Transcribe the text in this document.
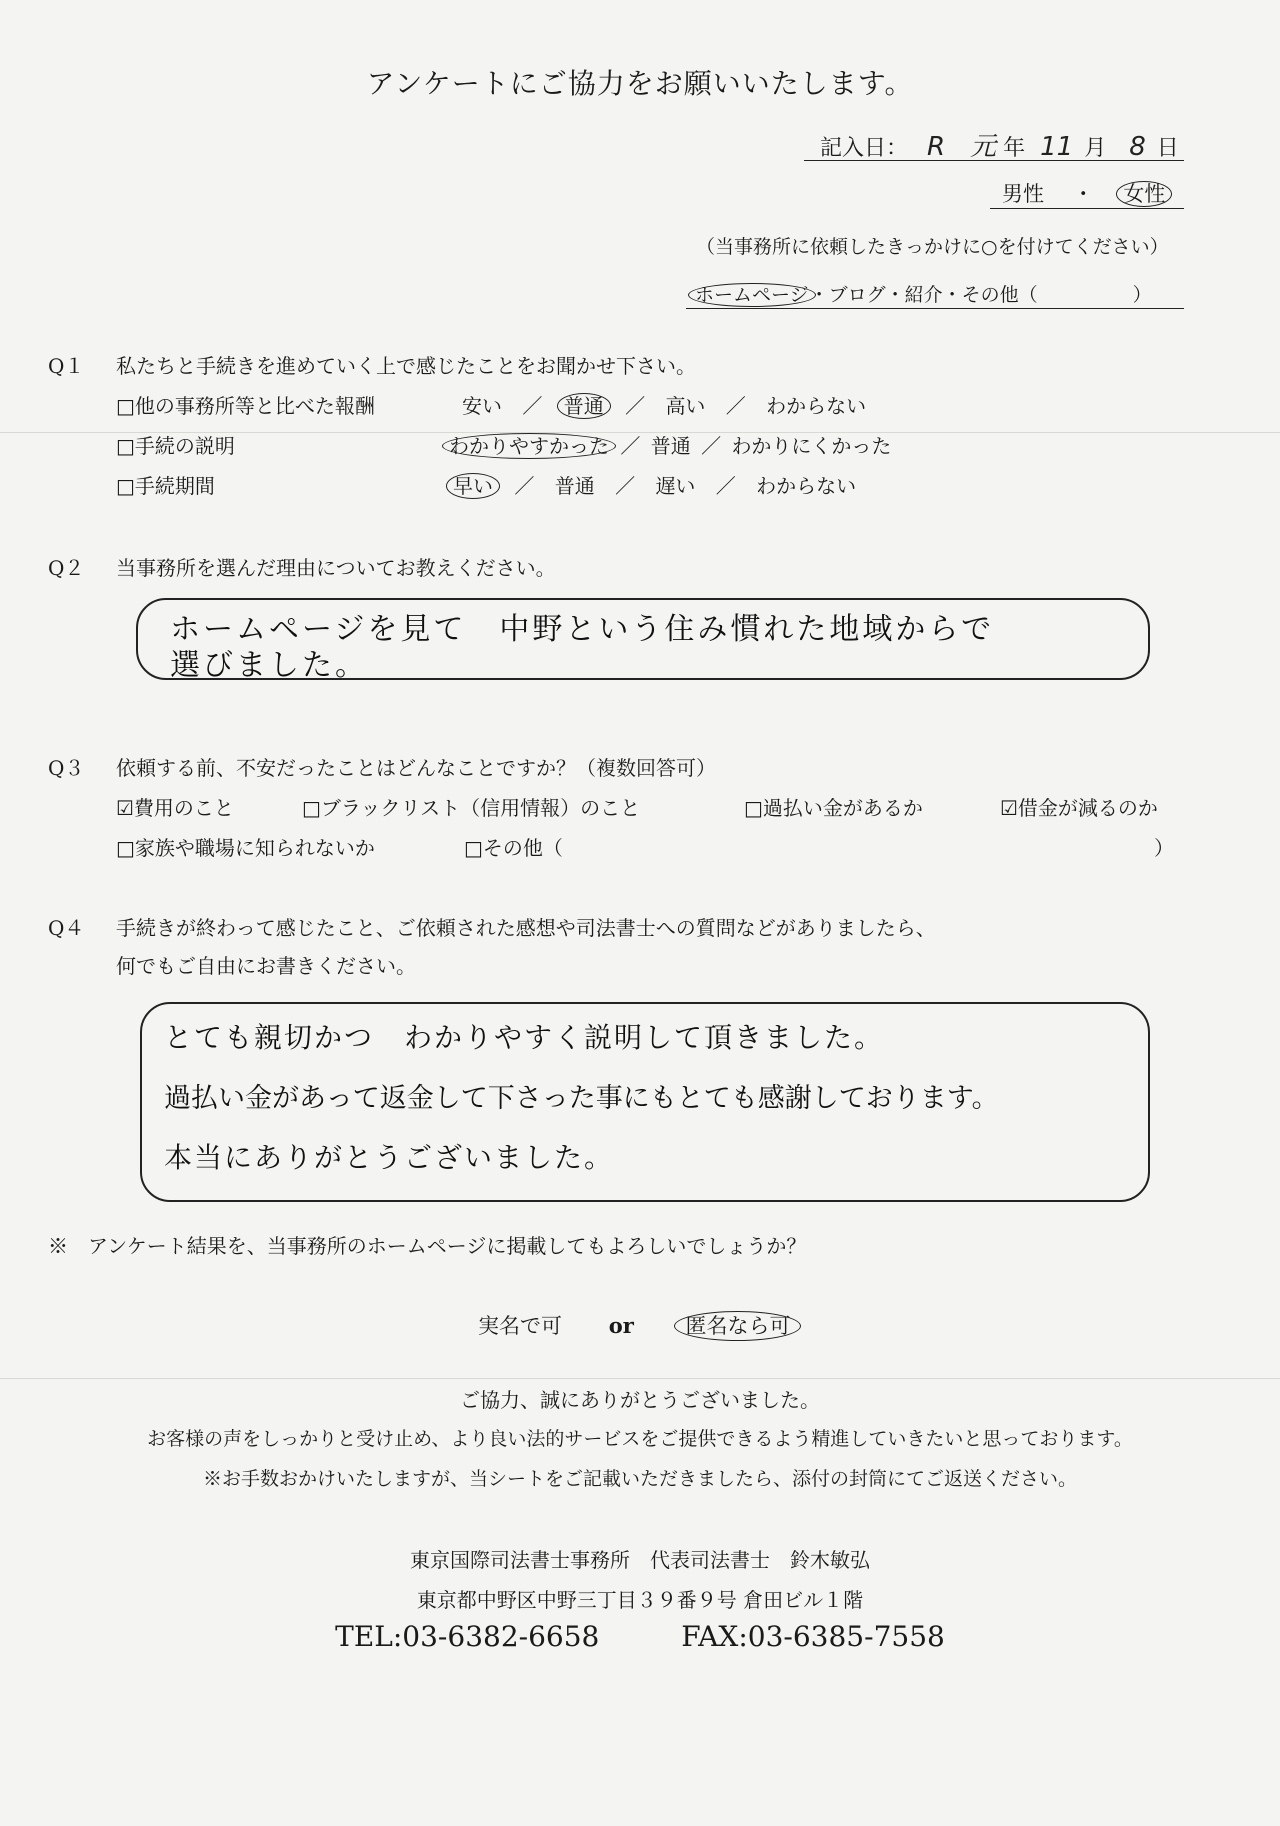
アンケートにご協力をお願いいたします。
記入日： R 元 年 11 月 8 日
男性 ・ 女性
（当事務所に依頼したきっかけに○を付けてください）
ホームページ・ブログ・紹介・その他（　　　　　）
Q１ 私たちと手続きを進めていく上で感じたことをお聞かせ下さい。
□他の事務所等と比べた報酬	安い ／ 普通 ／ 高い ／ わからない
□手続の説明	わかりやすかった ／ 普通 ／ わかりにくかった
□手続期間	早い ／ 普通 ／ 遅い ／ わからない
Q２ 当事務所を選んだ理由についてお教えください。
ホームページを見て　中野という住み慣れた地域からで
選びました。
Q３ 依頼する前、不安だったことはどんなことですか？（複数回答可）
☑費用のこと	□ブラックリスト（信用情報）のこと	□過払い金があるか	☑借金が減るのか
□家族や職場に知られないか	□その他（	）
Q４ 手続きが終わって感じたこと、ご依頼された感想や司法書士への質問などがありましたら、
何でもご自由にお書きください。
とても親切かつ　わかりやすく説明して頂きました。
過払い金があって返金して下さった事にもとても感謝しております。
本当にありがとうございました。
※　アンケート結果を、当事務所のホームページに掲載してもよろしいでしょうか？
実名で可 or 匿名なら可
ご協力、誠にありがとうございました。
お客様の声をしっかりと受け止め、より良い法的サービスをご提供できるよう精進していきたいと思っております。
※お手数おかけいたしますが、当シートをご記載いただきましたら、添付の封筒にてご返送ください。
東京国際司法書士事務所　代表司法書士　鈴木敏弘
東京都中野区中野三丁目３９番９号 倉田ビル１階
TEL:03-6382-6658	FAX:03-6385-7558
